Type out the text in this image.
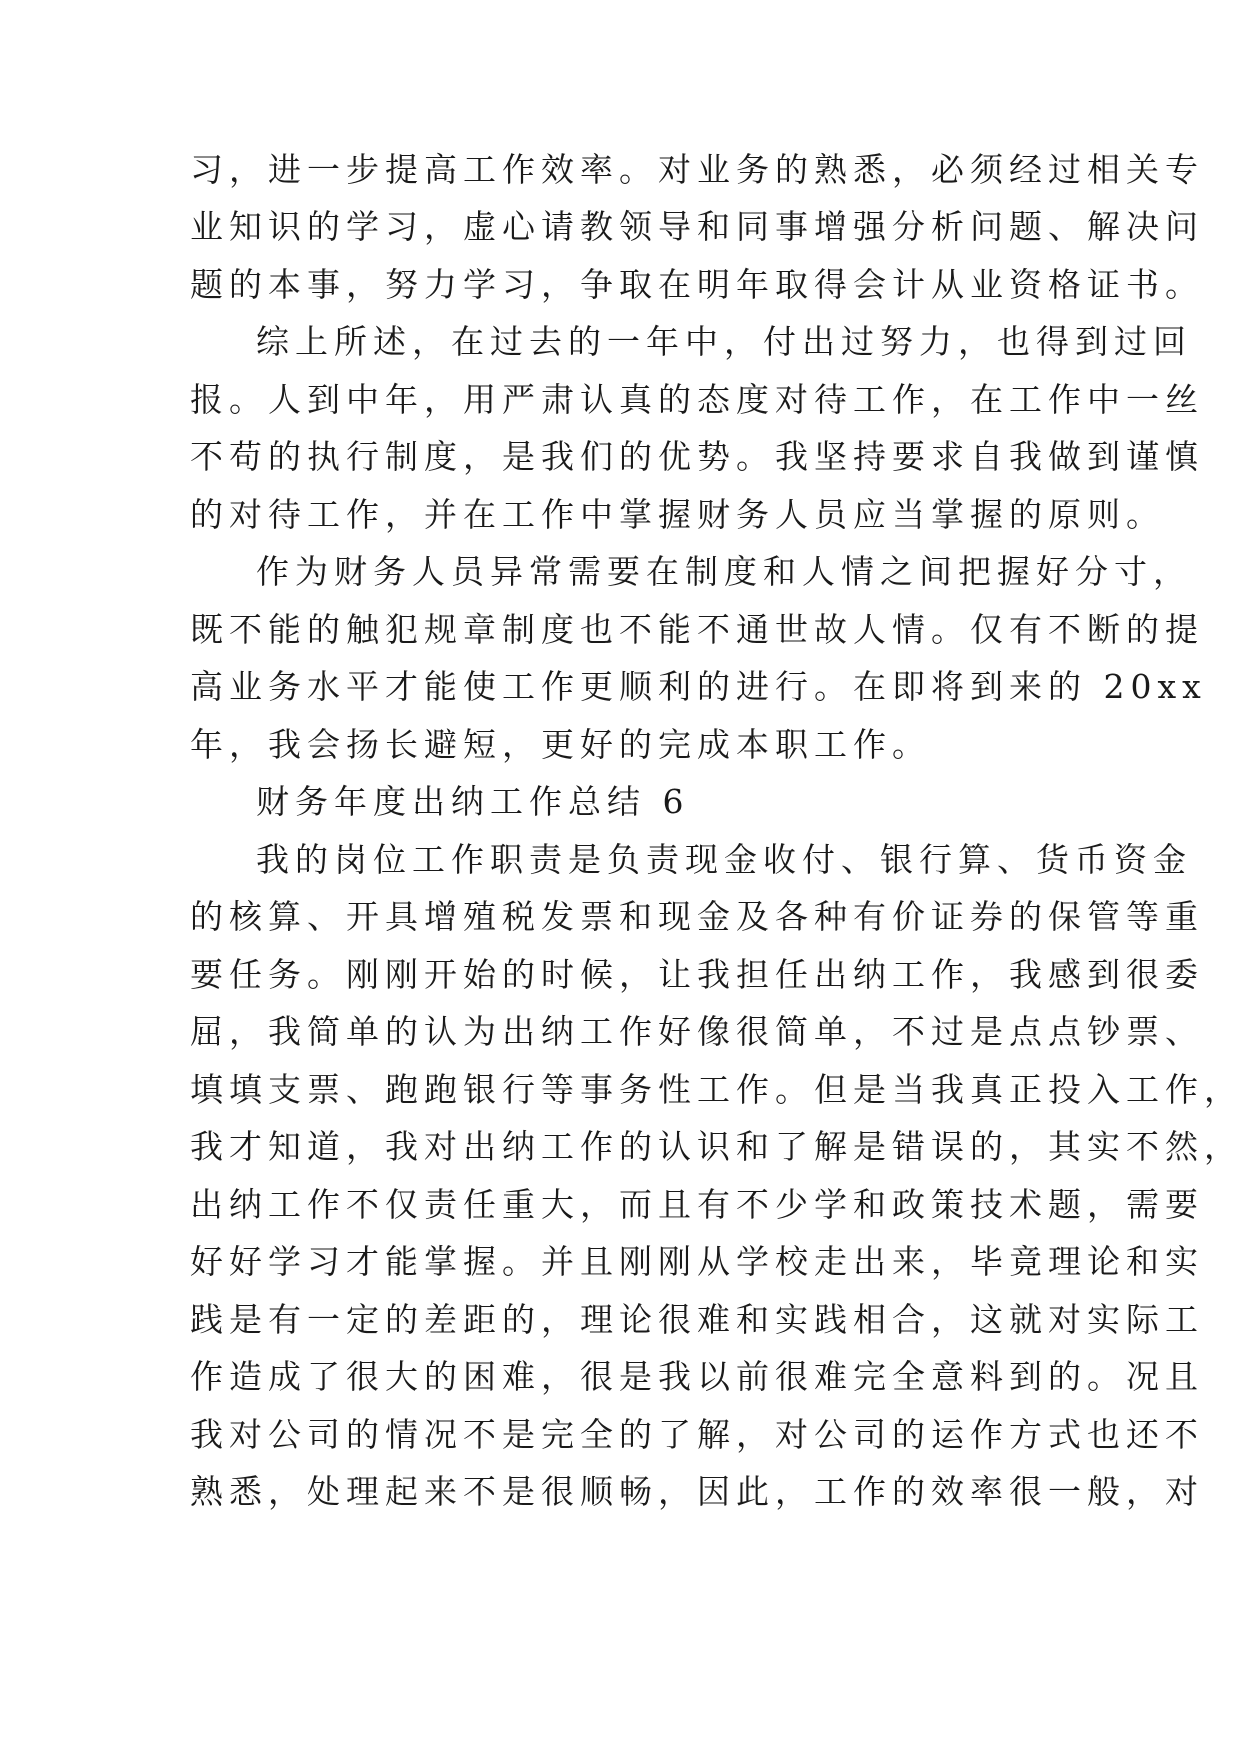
习，进一步提高工作效率。对业务的熟悉，必须经过相关专
业知识的学习，虚心请教领导和同事增强分析问题、解决问
题的本事，努力学习，争取在明年取得会计从业资格证书。
综上所述，在过去的一年中，付出过努力，也得到过回
报。人到中年，用严肃认真的态度对待工作，在工作中一丝
不苟的执行制度，是我们的优势。我坚持要求自我做到谨慎
的对待工作，并在工作中掌握财务人员应当掌握的原则。
作为财务人员异常需要在制度和人情之间把握好分寸，
既不能的触犯规章制度也不能不通世故人情。仅有不断的提
高业务水平才能使工作更顺利的进行。在即将到来的 20xx
年，我会扬长避短，更好的完成本职工作。
财务年度出纳工作总结 6
我的岗位工作职责是负责现金收付、银行算、货币资金
的核算、开具增殖税发票和现金及各种有价证券的保管等重
要任务。刚刚开始的时候，让我担任出纳工作，我感到很委
屈，我简单的认为出纳工作好像很简单，不过是点点钞票、
填填支票、跑跑银行等事务性工作。但是当我真正投入工作，
我才知道，我对出纳工作的认识和了解是错误的，其实不然，
出纳工作不仅责任重大，而且有不少学和政策技术题，需要
好好学习才能掌握。并且刚刚从学校走出来，毕竟理论和实
践是有一定的差距的，理论很难和实践相合，这就对实际工
作造成了很大的困难，很是我以前很难完全意料到的。况且
我对公司的情况不是完全的了解，对公司的运作方式也还不
熟悉，处理起来不是很顺畅，因此，工作的效率很一般，对
